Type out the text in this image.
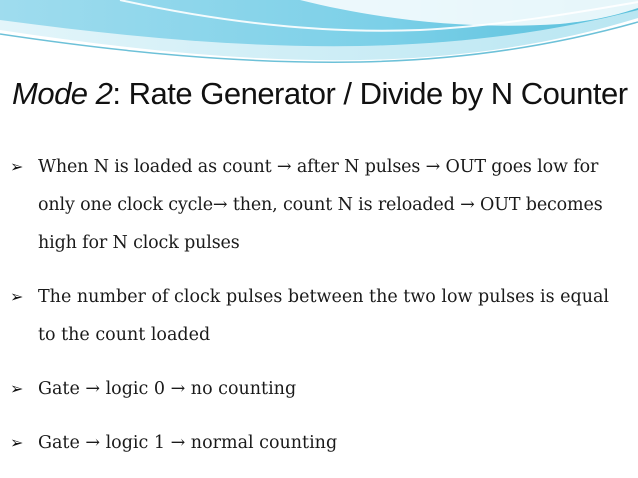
Mode 2: Rate Generator / Divide by N Counter
➢ When N is loaded as count → after N pulses → OUT goes low for only one clock cycle→ then, count N is reloaded → OUT becomes high for N clock pulses
➢ The number of clock pulses between the two low pulses is equal to the count loaded
➢ Gate → logic 0 → no counting
➢ Gate → logic 1 → normal counting
